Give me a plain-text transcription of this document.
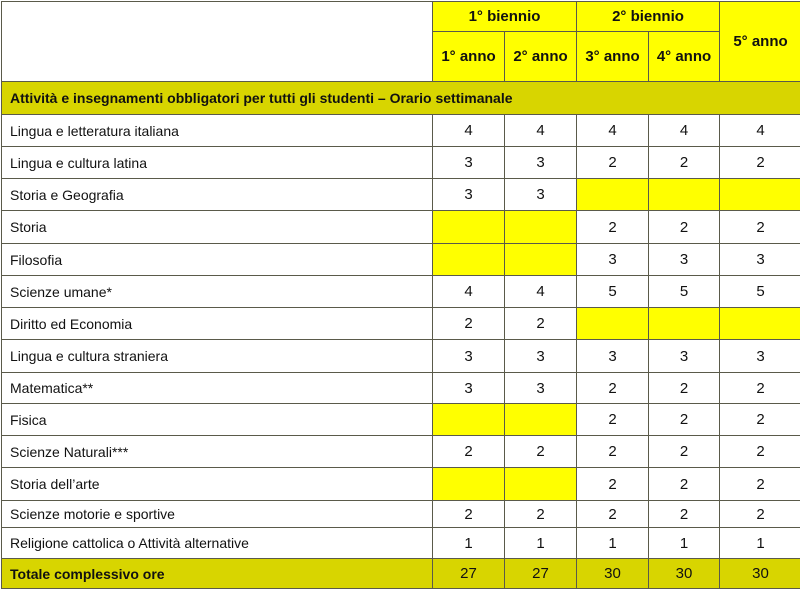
	1° biennio		2° biennio		5° anno
	1° anno	2° anno	3° anno	4° anno	
Attività e insegnamenti obbligatori per tutti gli studenti – Orario settimanale					
Lingua e letteratura italiana	4	4	4	4	4
Lingua e cultura latina	3	3	2	2	2
Storia e Geografia	3	3			
Storia			2	2	2
Filosofia			3	3	3
Scienze umane*	4	4	5	5	5
Diritto ed Economia	2	2			
Lingua e cultura straniera	3	3	3	3	3
Matematica**	3	3	2	2	2
Fisica			2	2	2
Scienze Naturali***	2	2	2	2	2
Storia dell’arte			2	2	2
Scienze motorie e sportive	2	2	2	2	2
Religione cattolica o Attività alternative	1	1	1	1	1
Totale complessivo ore	27	27	30	30	30
